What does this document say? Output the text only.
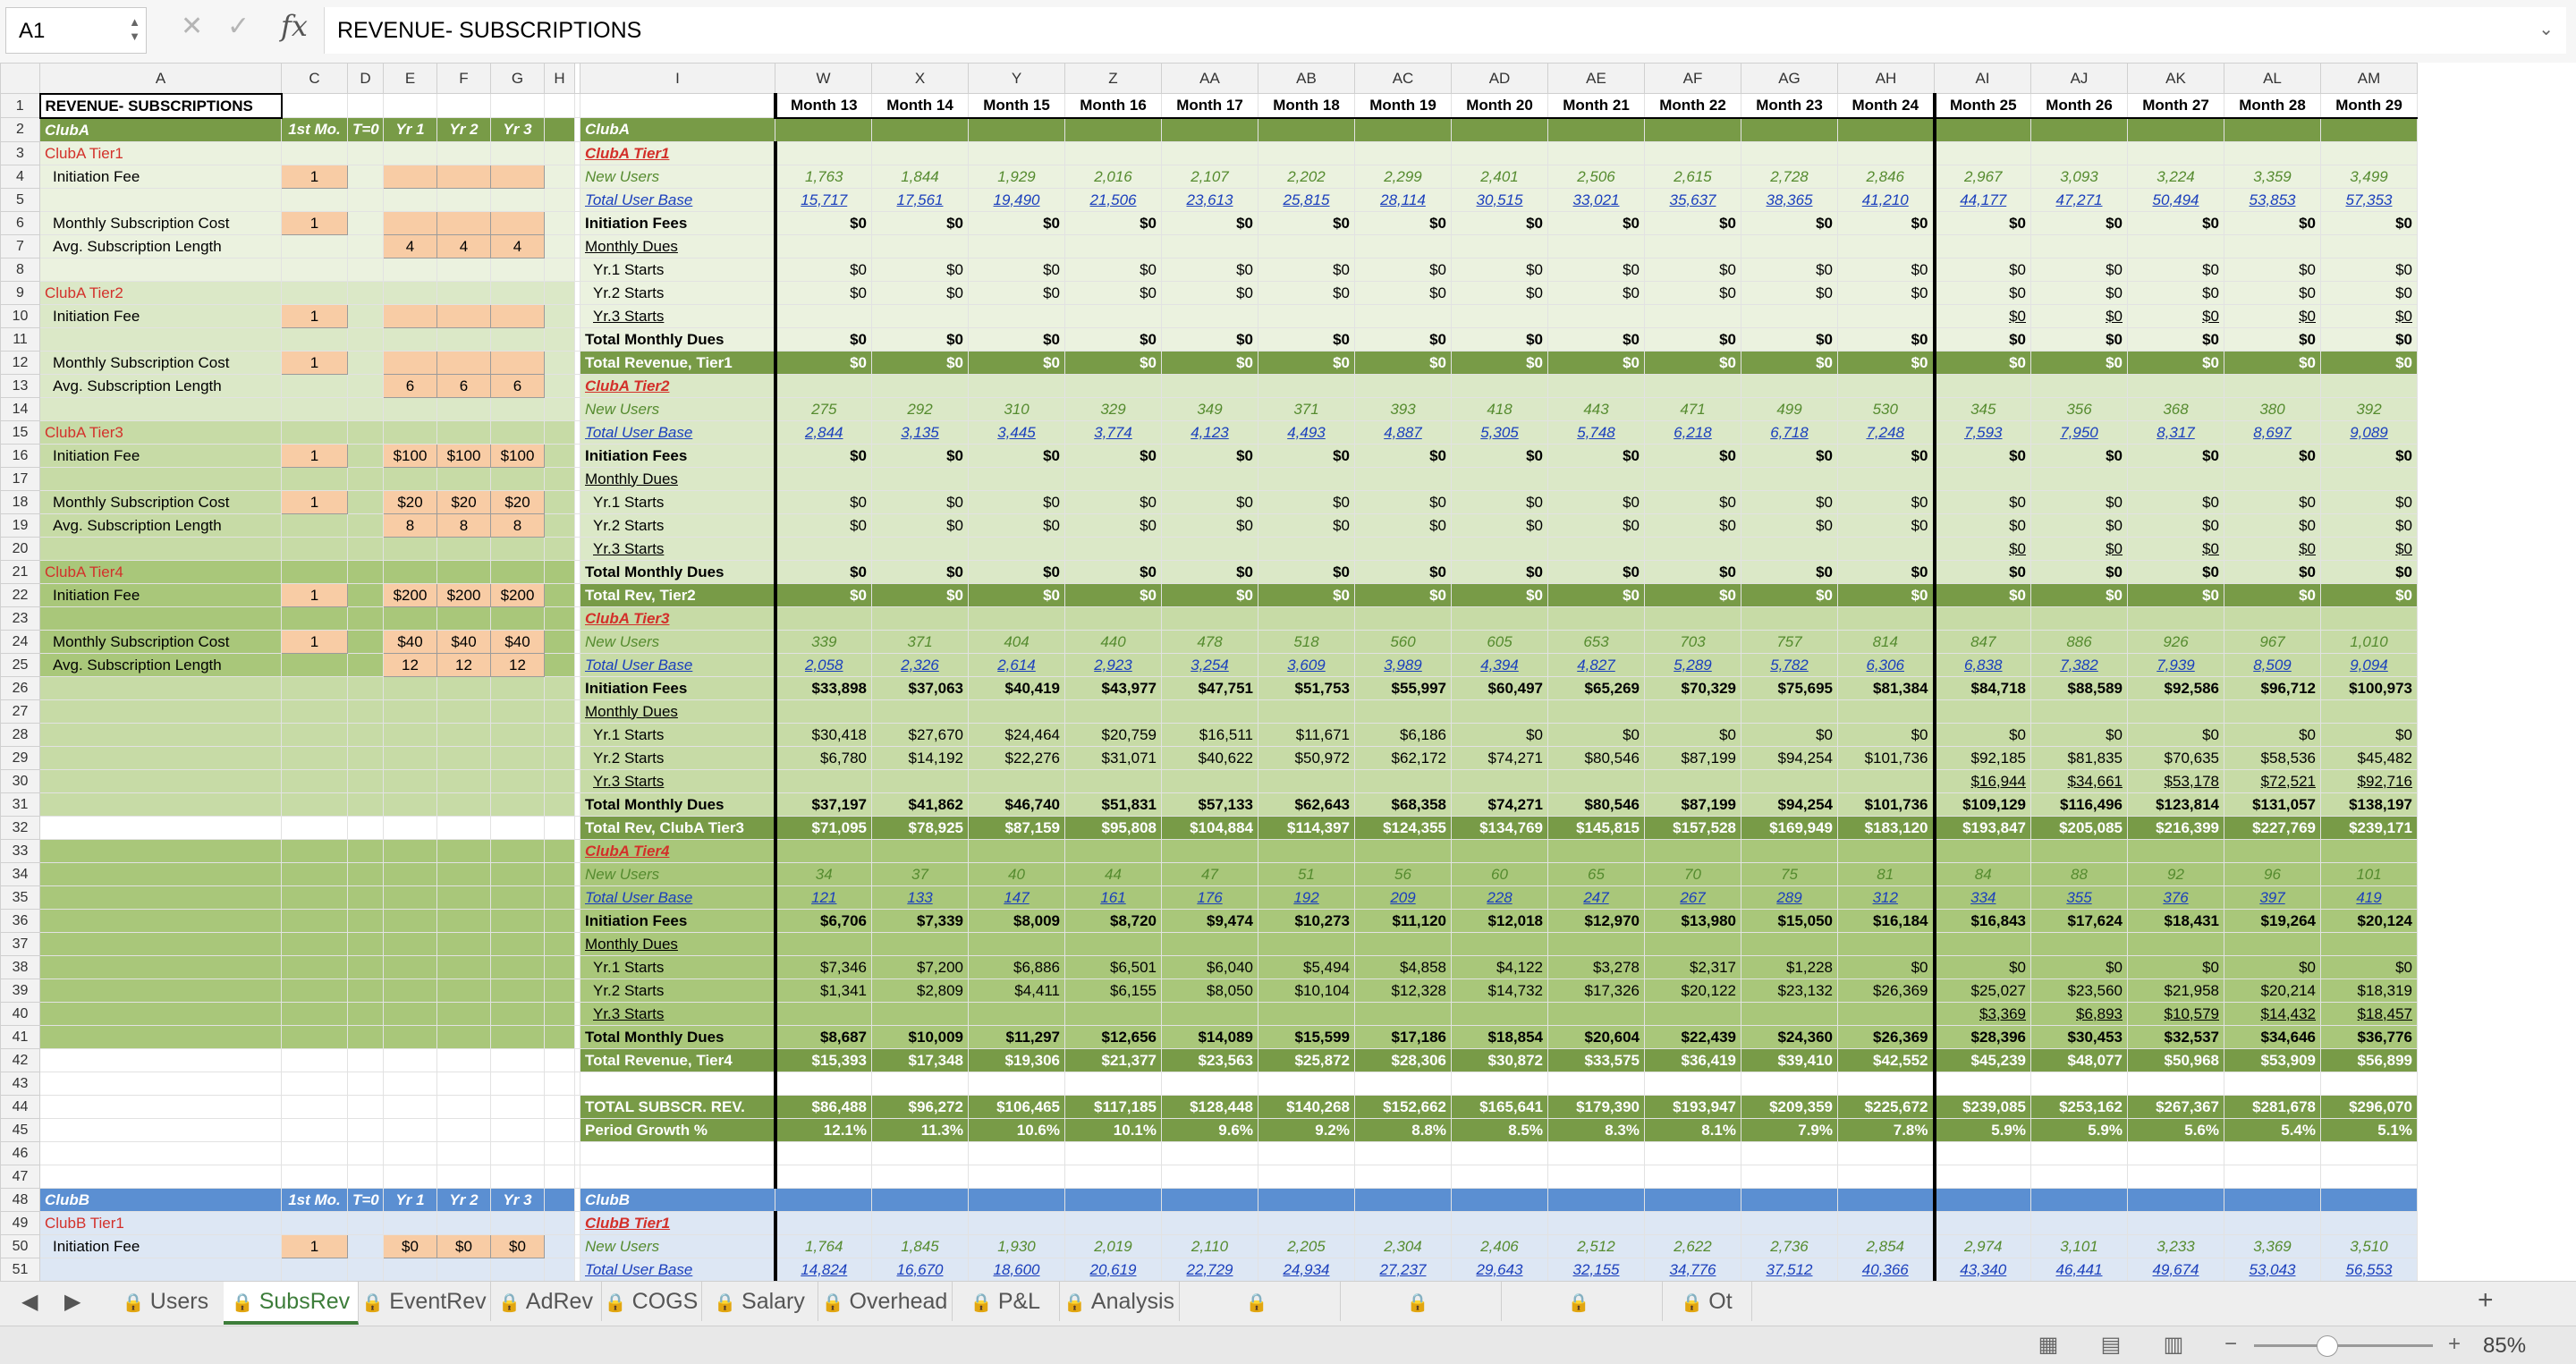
A1	▲
▼ ✕ ✓ fx REVENUE- SUBSCRIPTIONS	⌄
	A	C	D	E	F	G	H		I	W	X	Y	Z	AA	AB	AC	AD	AE	AF	AG	AH	AI	AJ	AK	AL	AM
1	REVENUE- SUBSCRIPTIONS									Month 13	Month 14	Month 15	Month 16	Month 17	Month 18	Month 19	Month 20	Month 21	Month 22	Month 23	Month 24	Month 25	Month 26	Month 27	Month 28	Month 29
2	ClubA	1st Mo.	T=0	Yr 1	Yr 2	Yr 3			ClubA																	
3	ClubA Tier1								ClubA Tier1																	
4	Initiation Fee	1							New Users	1,763	1,844	1,929	2,016	2,107	2,202	2,299	2,401	2,506	2,615	2,728	2,846	2,967	3,093	3,224	3,359	3,499
5									Total User Base	15,717	17,561	19,490	21,506	23,613	25,815	28,114	30,515	33,021	35,637	38,365	41,210	44,177	47,271	50,494	53,853	57,353
6	Monthly Subscription Cost	1							Initiation Fees	$0	$0	$0	$0	$0	$0	$0	$0	$0	$0	$0	$0	$0	$0	$0	$0	$0
7	Avg. Subscription Length			4	4	4			Monthly Dues																	
8									Yr.1 Starts	$0	$0	$0	$0	$0	$0	$0	$0	$0	$0	$0	$0	$0	$0	$0	$0	$0
9	ClubA Tier2								Yr.2 Starts	$0	$0	$0	$0	$0	$0	$0	$0	$0	$0	$0	$0	$0	$0	$0	$0	$0
10	Initiation Fee	1							Yr.3 Starts													$0	$0	$0	$0	$0
11									Total Monthly Dues	$0	$0	$0	$0	$0	$0	$0	$0	$0	$0	$0	$0	$0	$0	$0	$0	$0
12	Monthly Subscription Cost	1							Total Revenue, Tier1	$0	$0	$0	$0	$0	$0	$0	$0	$0	$0	$0	$0	$0	$0	$0	$0	$0
13	Avg. Subscription Length			6	6	6			ClubA Tier2																	
14									New Users	275	292	310	329	349	371	393	418	443	471	499	530	345	356	368	380	392
15	ClubA Tier3								Total User Base	2,844	3,135	3,445	3,774	4,123	4,493	4,887	5,305	5,748	6,218	6,718	7,248	7,593	7,950	8,317	8,697	9,089
16	Initiation Fee	1		$100	$100	$100			Initiation Fees	$0	$0	$0	$0	$0	$0	$0	$0	$0	$0	$0	$0	$0	$0	$0	$0	$0
17									Monthly Dues																	
18	Monthly Subscription Cost	1		$20	$20	$20			Yr.1 Starts	$0	$0	$0	$0	$0	$0	$0	$0	$0	$0	$0	$0	$0	$0	$0	$0	$0
19	Avg. Subscription Length			8	8	8			Yr.2 Starts	$0	$0	$0	$0	$0	$0	$0	$0	$0	$0	$0	$0	$0	$0	$0	$0	$0
20									Yr.3 Starts													$0	$0	$0	$0	$0
21	ClubA Tier4								Total Monthly Dues	$0	$0	$0	$0	$0	$0	$0	$0	$0	$0	$0	$0	$0	$0	$0	$0	$0
22	Initiation Fee	1		$200	$200	$200			Total Rev, Tier2	$0	$0	$0	$0	$0	$0	$0	$0	$0	$0	$0	$0	$0	$0	$0	$0	$0
23									ClubA Tier3																	
24	Monthly Subscription Cost	1		$40	$40	$40			New Users	339	371	404	440	478	518	560	605	653	703	757	814	847	886	926	967	1,010
25	Avg. Subscription Length			12	12	12			Total User Base	2,058	2,326	2,614	2,923	3,254	3,609	3,989	4,394	4,827	5,289	5,782	6,306	6,838	7,382	7,939	8,509	9,094
26									Initiation Fees	$33,898	$37,063	$40,419	$43,977	$47,751	$51,753	$55,997	$60,497	$65,269	$70,329	$75,695	$81,384	$84,718	$88,589	$92,586	$96,712	$100,973
27									Monthly Dues																	
28									Yr.1 Starts	$30,418	$27,670	$24,464	$20,759	$16,511	$11,671	$6,186	$0	$0	$0	$0	$0	$0	$0	$0	$0	$0
29									Yr.2 Starts	$6,780	$14,192	$22,276	$31,071	$40,622	$50,972	$62,172	$74,271	$80,546	$87,199	$94,254	$101,736	$92,185	$81,835	$70,635	$58,536	$45,482
30									Yr.3 Starts													$16,944	$34,661	$53,178	$72,521	$92,716
31									Total Monthly Dues	$37,197	$41,862	$46,740	$51,831	$57,133	$62,643	$68,358	$74,271	$80,546	$87,199	$94,254	$101,736	$109,129	$116,496	$123,814	$131,057	$138,197
32									Total Rev, ClubA Tier3	$71,095	$78,925	$87,159	$95,808	$104,884	$114,397	$124,355	$134,769	$145,815	$157,528	$169,949	$183,120	$193,847	$205,085	$216,399	$227,769	$239,171
33									ClubA Tier4																	
34									New Users	34	37	40	44	47	51	56	60	65	70	75	81	84	88	92	96	101
35									Total User Base	121	133	147	161	176	192	209	228	247	267	289	312	334	355	376	397	419
36									Initiation Fees	$6,706	$7,339	$8,009	$8,720	$9,474	$10,273	$11,120	$12,018	$12,970	$13,980	$15,050	$16,184	$16,843	$17,624	$18,431	$19,264	$20,124
37									Monthly Dues																	
38									Yr.1 Starts	$7,346	$7,200	$6,886	$6,501	$6,040	$5,494	$4,858	$4,122	$3,278	$2,317	$1,228	$0	$0	$0	$0	$0	$0
39									Yr.2 Starts	$1,341	$2,809	$4,411	$6,155	$8,050	$10,104	$12,328	$14,732	$17,326	$20,122	$23,132	$26,369	$25,027	$23,560	$21,958	$20,214	$18,319
40									Yr.3 Starts													$3,369	$6,893	$10,579	$14,432	$18,457
41									Total Monthly Dues	$8,687	$10,009	$11,297	$12,656	$14,089	$15,599	$17,186	$18,854	$20,604	$22,439	$24,360	$26,369	$28,396	$30,453	$32,537	$34,646	$36,776
42									Total Revenue, Tier4	$15,393	$17,348	$19,306	$21,377	$23,563	$25,872	$28,306	$30,872	$33,575	$36,419	$39,410	$42,552	$45,239	$48,077	$50,968	$53,909	$56,899
43																										
44									TOTAL SUBSCR. REV.	$86,488	$96,272	$106,465	$117,185	$128,448	$140,268	$152,662	$165,641	$179,390	$193,947	$209,359	$225,672	$239,085	$253,162	$267,367	$281,678	$296,070
45									Period Growth %	12.1%	11.3%	10.6%	10.1%	9.6%	9.2%	8.8%	8.5%	8.3%	8.1%	7.9%	7.8%	5.9%	5.9%	5.6%	5.4%	5.1%
46																										
47																										
48	ClubB	1st Mo.	T=0	Yr 1	Yr 2	Yr 3			ClubB																	
49	ClubB Tier1								ClubB Tier1																	
50	Initiation Fee	1		$0	$0	$0			New Users	1,764	1,845	1,930	2,019	2,110	2,205	2,304	2,406	2,512	2,622	2,736	2,854	2,974	3,101	3,233	3,369	3,510
51									Total User Base	14,824	16,670	18,600	20,619	22,729	24,934	27,237	29,643	32,155	34,776	37,512	40,366	43,340	46,441	49,674	53,043	56,553
◀ ▶	🔒 Users	🔒 SubsRev 🔒 EventRev 🔒 AdRev 🔒 COGS 🔒 Salary 🔒 Overhead	🔒 P&L	🔒 Analysis	🔒	🔒	🔒	🔒 Ot	+
▦	▤	▥	−	+	85%
